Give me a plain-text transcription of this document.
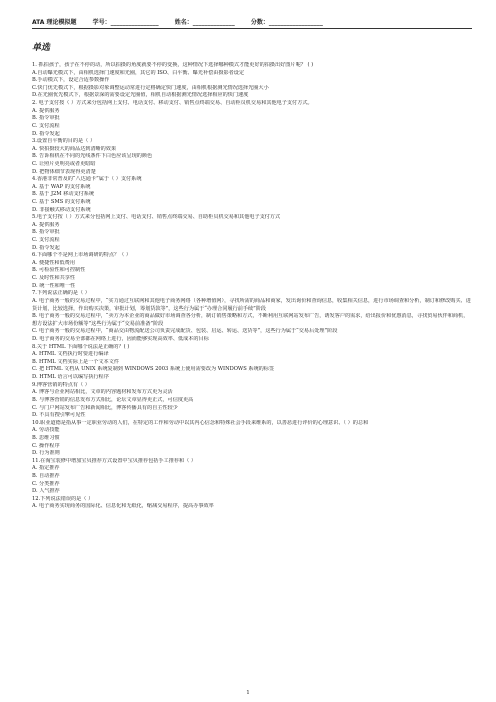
ATA 理论模拟题	学号：________________	姓名：______________	分数：__________________
单选
1. 抓拍孩子，孩子在不停的动，所以拍摄的角度就要不停的变换，这种情况下选择哪种模式才能更好的拍摄出好图片呢？ ( )
A.自动曝光模式下，由相机选择门速度和光圈，其它的 ISO、白平衡、曝光补偿由摄影者设定
B.手动模式下，设定合适参数操作
C.快门优先模式下，根据摄影对象调整运动常进行定格确定快门速度，由相机根据测光情况选择光圈大小
D.在光圈优先模式下，根据景深的需要设定光圈值，相机自动根据测光情况选择相应的快门速度
2. 电子支付按（ ）方式来分包括网上支付、电话支付、移动支付、销售点终端交易、自动柜员机交易和其他电子支付方式。
A. 提供服务
B. 指令审批
C. 支付流程
D. 指令发起
3.设置自平衡的目的是（ ）
A. 快拍摄较大的商品达到清晰的效果
B. 告诉相机在不同的光线条件下白色应该呈现的颜色
C. 让照片更明亮或者更暗暗
D. 把物体细节表现得更清楚
4.香港非常普及的“八达通卡”属于（ ）支付系统
A. 基于 WAP 的支付系统
B. 基于 J2M 移动支付系统
C. 基于 SMS 的支付系统
D. 非接触式移动支付系统
5.电子支付按（ ）方式来分包括网上支付、电话支付、销售点终端交易、自助柜员机交易和其他电子支付方式
A. 提供服务
B. 指令审批
C. 支付流程
D. 指令发起
6.下面哪个不是网上市场调研的特点？（ ）
A. 便捷性和低费用
B. 可检验性和可控制性
C. 及时性和共享性
D. 统一性和唯一性
7.下列说法正确的是（ ）
A. 电子商务一般的交易过程中，“实力通过互联网和其他电子商务网络（各种增值网），寻找所需的商品和商家，发出询价和查询信息，收集相关信息，进行市场调查和分析，制订和修改购买、进货计划，比较选择，作出购买决策，审批计划，筹划货款等”，这些行为属于“办理合同履行前手续”阶段
B. 电子商务一般的交易过程中，“卖方为本企业的商品做好市场调查各分析，制订销售策略和方式，不断利用互联网站发布广告，诱发客户的需求，给出报价和优惠消息，寻找贸易伙伴和商机，想方设法扩大市场份额等”这些行为属于“交易前准备”阶段
C. 电子商务一般的交易过程中，“商品交由物流配送公司负责完成配货、包装、启运、转运、送货等”，这些行为属于“交易后处理”阶段
D. 电子商务的交易全部都在网络上进行，因而能够实现高效率、低成本的目标
8.关于 HTML 下面哪个说法是正确的？( )
A. HTML 文档执行时要进行编译
B. HTML 文档实际上是一个文本文件
C. 把 HTML 文档从 UNIX 系统复制到 WINDOWS 2003 系统上使用需要改为 WINDOWS 系统的标签
D. HTML 语言可以编写执行程序
9.博客营销的特点有（ ）
A. 博客与企业网站相比，文章的内容题材和发布方式更为灵活
B. 与博客营销的信息发布方式相比，论坛文章显得更正式，可信度更高
C. 与门户网站发布广告和新闻相比，博客传播具有的自主性较少
D. 不具有搜引擎可见性
10.职业道德是指从事一定职业劳动的人们，在特定的工作和劳动中以其内心信念和特殊社会手段来维系的，以善恶进行评价的心理意识、（ ）的总和
A. 劳动技能
B. 思维习惯
C. 操作程序
D. 行为准则
11.在淘宝装修中增加宝贝推荐方式设置中宝贝推荐包括手工推荐和（ ）
A. 指定推荐
B. 自动推荐
C. 分类推荐
D. 人气推荐
12.下列说法错误的是（ ）
A. 电子商务实现商务的国际化、信息化和无纸化，缩减交易程序，提高办事效率
1
